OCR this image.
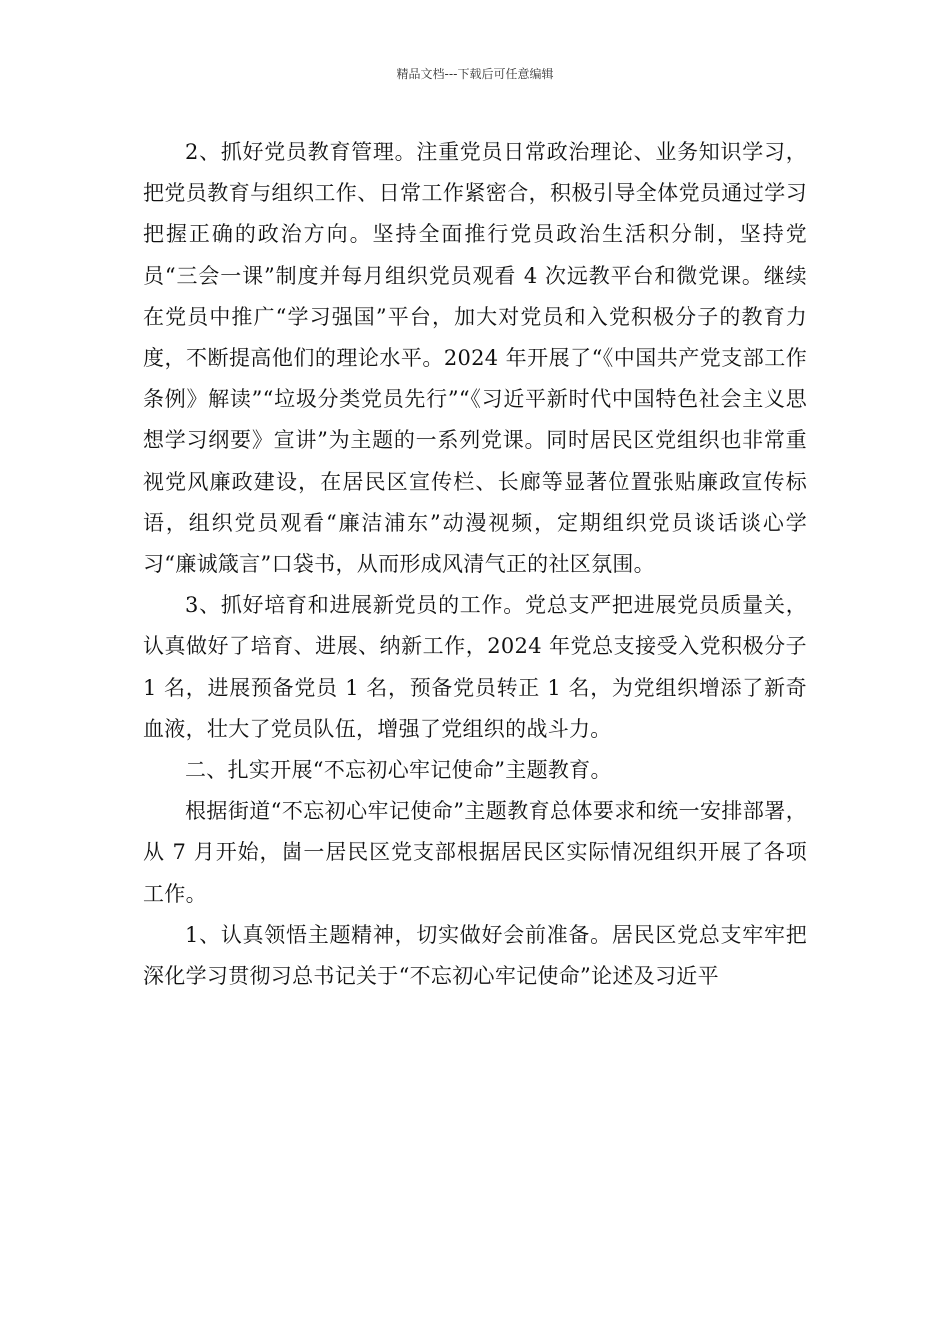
精品文档---下载后可任意编辑

2、抓好党员教育管理。注重党员日常政治理论、业务知识学习，把党员教育与组织工作、日常工作紧密合，积极引导全体党员通过学习把握正确的政治方向。坚持全面推行党员政治生活积分制，坚持党员“三会一课”制度并每月组织党员观看 4 次远教平台和微党课。继续在党员中推广“学习强国”平台，加大对党员和入党积极分子的教育力度，不断提高他们的理论水平。2024 年开展了“《中国共产党支部工作条例》解读”“垃圾分类党员先行”“《习近平新时代中国特色社会主义思想学习纲要》宣讲”为主题的一系列党课。同时居民区党组织也非常重视党风廉政建设，在居民区宣传栏、长廊等显著位置张贴廉政宣传标语，组织党员观看“廉洁浦东”动漫视频，定期组织党员谈话谈心学习“廉诚箴言”口袋书，从而形成风清气正的社区氛围。

3、抓好培育和进展新党员的工作。党总支严把进展党员质量关，认真做好了培育、进展、纳新工作，2024 年党总支接受入党积极分子 1 名，进展预备党员 1 名，预备党员转正 1 名，为党组织增添了新奇血液，壮大了党员队伍，增强了党组织的战斗力。

二、扎实开展“不忘初心牢记使命”主题教育。

根据街道“不忘初心牢记使命”主题教育总体要求和统一安排部署，从 7 月开始，崮一居民区党支部根据居民区实际情况组织开展了各项工作。

1、认真领悟主题精神，切实做好会前准备。居民区党总支牢牢把深化学习贯彻习总书记关于“不忘初心牢记使命”论述及习近平
